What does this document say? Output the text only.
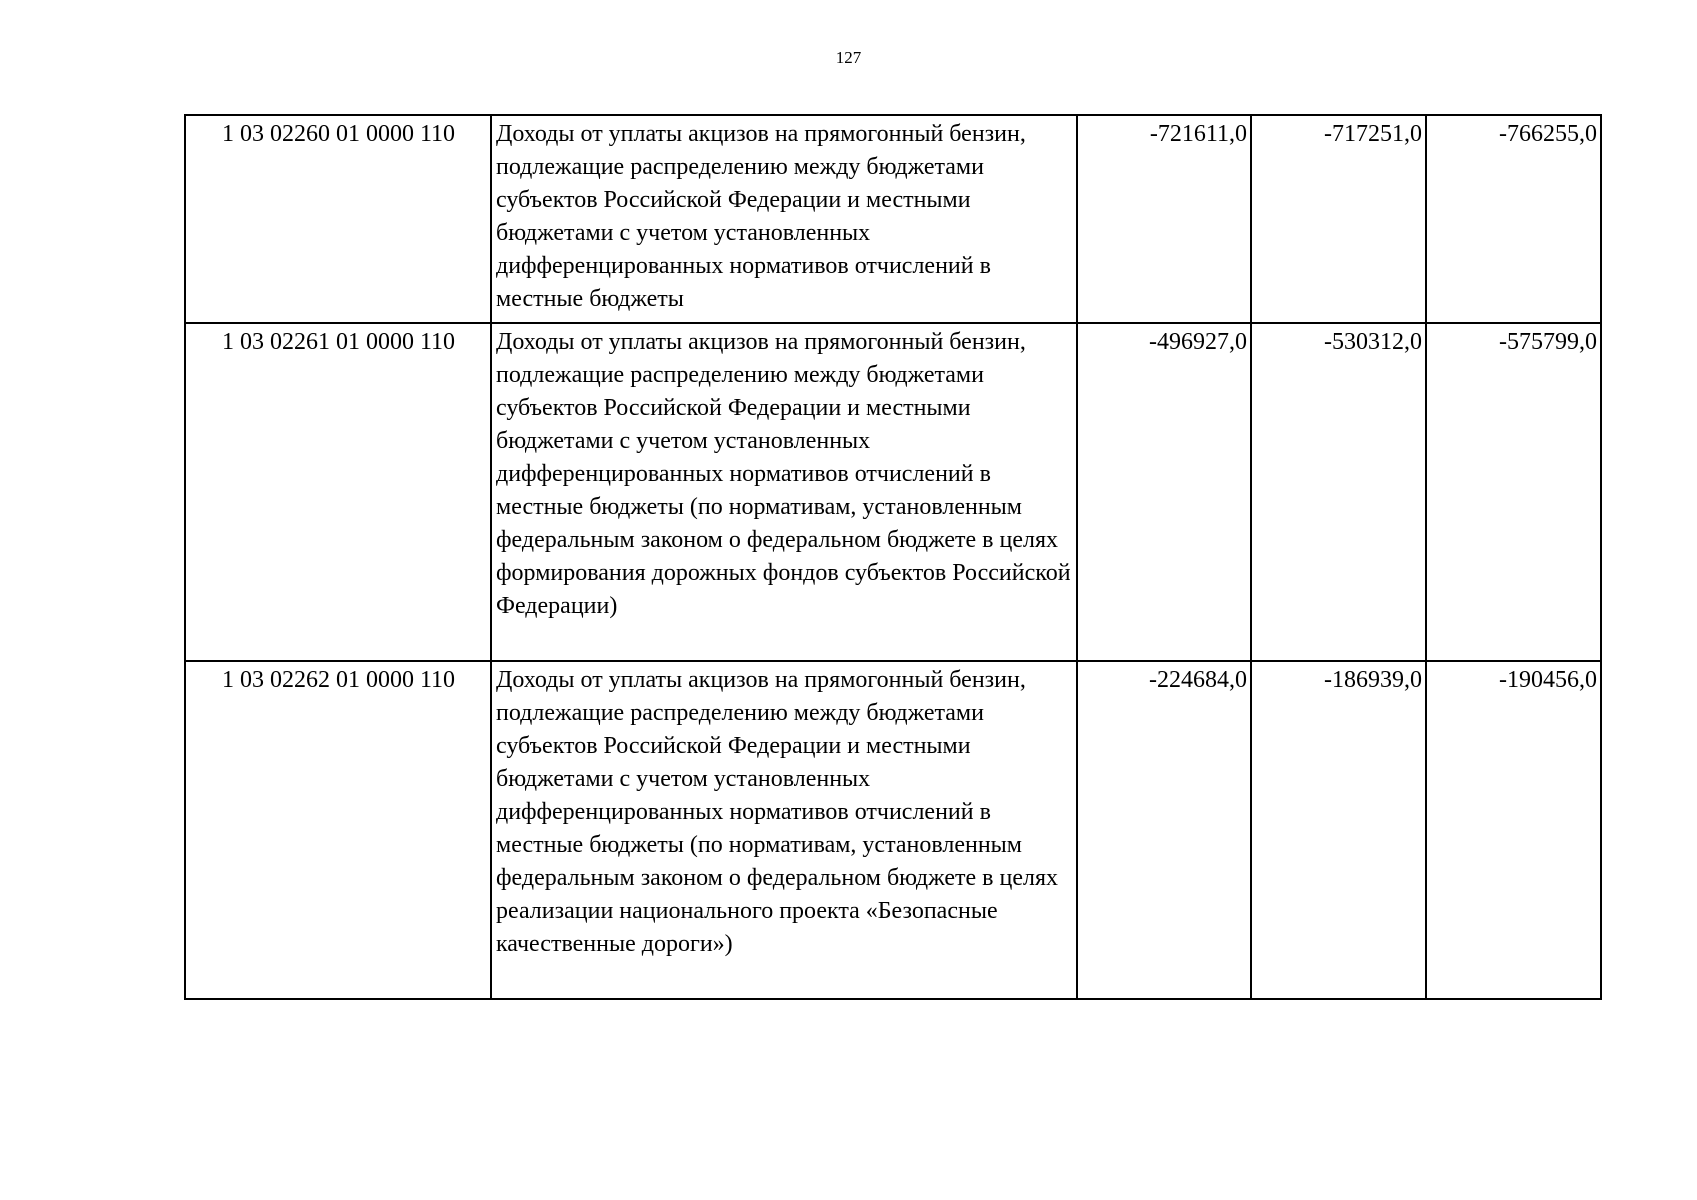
127
1 03 02260 01 0000 110	Доходы от уплаты акцизов на прямогонный бензин, подлежащие распределению между бюджетами субъектов Российской Федерации и местными бюджетами с учетом установленных дифференцированных нормативов отчислений в местные бюджеты	-721611,0	-717251,0	-766255,0
1 03 02261 01 0000 110	Доходы от уплаты акцизов на прямогонный бензин, подлежащие распределению между бюджетами субъектов Российской Федерации и местными бюджетами с учетом установленных дифференцированных нормативов отчислений в местные бюджеты (по нормативам, установленным федеральным законом о федеральном бюджете в целях формирования дорожных фондов субъектов Российской Федерации)	-496927,0	-530312,0	-575799,0
1 03 02262 01 0000 110	Доходы от уплаты акцизов на прямогонный бензин, подлежащие распределению между бюджетами субъектов Российской Федерации и местными бюджетами с учетом установленных дифференцированных нормативов отчислений в местные бюджеты (по нормативам, установленным федеральным законом о федеральном бюджете в целях реализации национального проекта «Безопасные качественные дороги»)	-224684,0	-186939,0	-190456,0
